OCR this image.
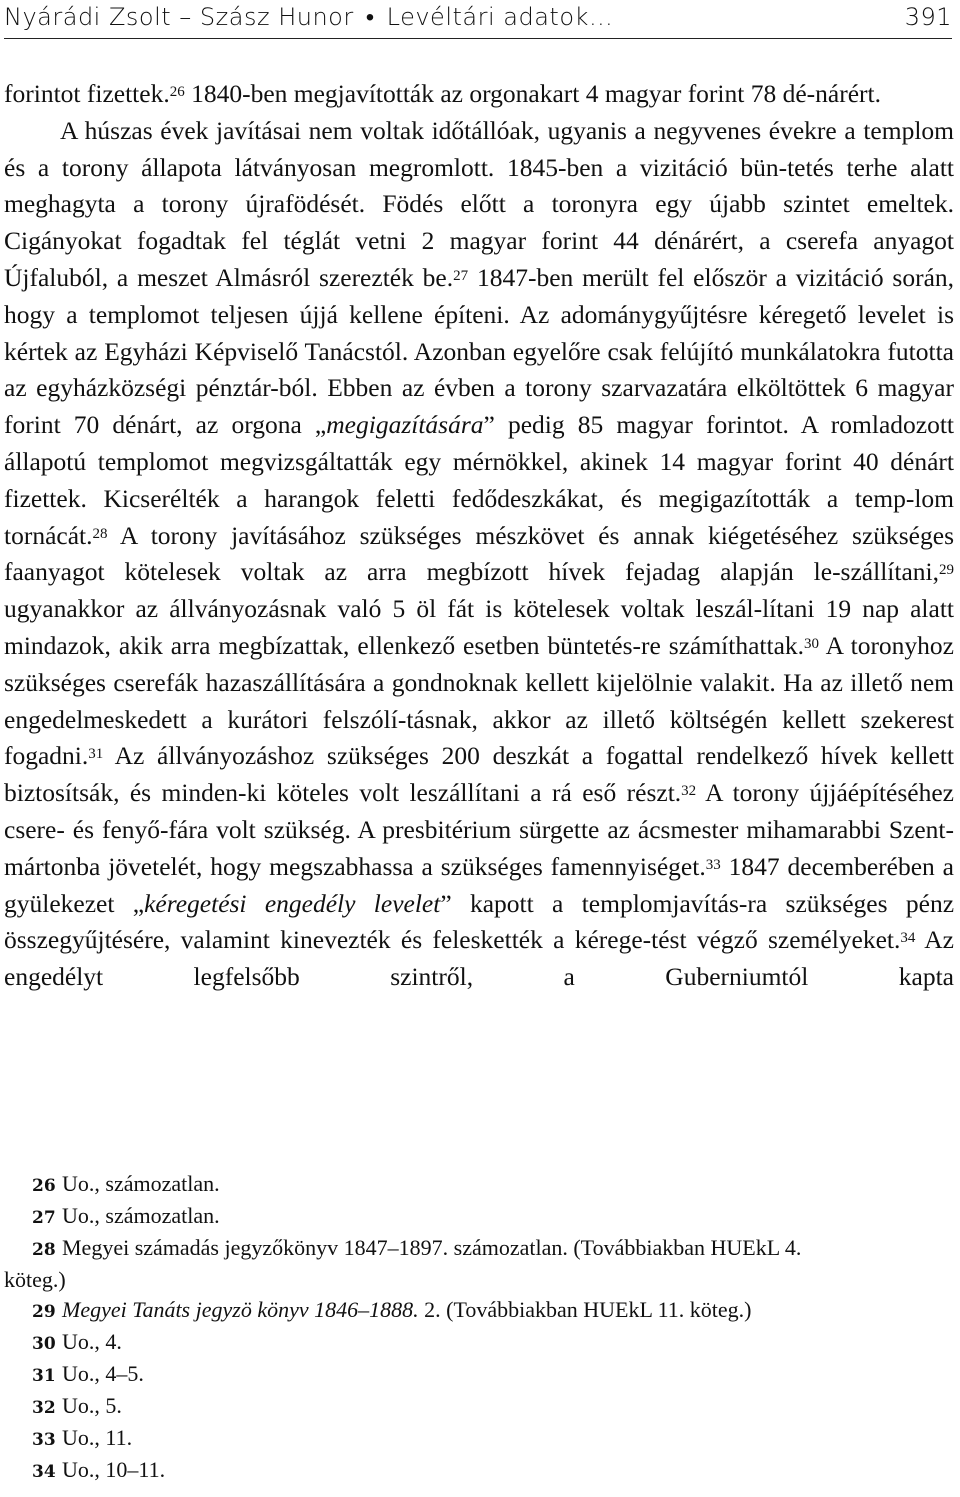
Nyárádi Zsolt – Szász Hunor • Levéltári adatok…	391

forintot fizettek.$^{26}$ 1840-ben megjavították az orgonakart 4 magyar forint 78 dé-nárért.

A húszas évek javításai nem voltak időtállóak, ugyanis a negyvenes évekre a templom és a torony állapota látványosan megromlott. 1845-ben a vizitáció bün-tetés terhe alatt meghagyta a torony újrafödését. Födés előtt a toronyra egy újabb szintet emeltek. Cigányokat fogadtak fel téglát vetni 2 magyar forint 44 dénárért, a cserefa anyagot Újfaluból, a meszet Almásról szerezték be.$^{27}$ 1847-ben merült fel először a vizitáció során, hogy a templomot teljesen újjá kellene építeni. Az adománygyűjtésre kéregető levelet is kértek az Egyházi Képviselő Tanácstól. Azonban egyelőre csak felújító munkálatokra futotta az egyházközségi pénztár-ból. Ebben az évben a torony szarvazatára elköltöttek 6 magyar forint 70 dénárt, az orgona „megigazítására” pedig 85 magyar forintot. A romladozott állapotú templomot megvizsgáltatták egy mérnökkel, akinek 14 magyar forint 40 dénárt fizettek. Kicserélték a harangok feletti fedődeszkákat, és megigazították a temp-lom tornácát.$^{28}$ A torony javításához szükséges mészkövet és annak kiégetéséhez szükséges faanyagot kötelesek voltak az arra megbízott hívek fejadag alapján le-szállítani,$^{29}$ ugyanakkor az állványozásnak való 5 öl fát is kötelesek voltak leszál-lítani 19 nap alatt mindazok, akik arra megbízattak, ellenkező esetben büntetés-re számíthattak.$^{30}$ A toronyhoz szükséges cserefák hazaszállítására a gondnoknak kellett kijelölnie valakit. Ha az illető nem engedelmeskedett a kurátori felszólí-tásnak, akkor az illető költségén kellett szekerest fogadni.$^{31}$ Az állványozáshoz szükséges 200 deszkát a fogattal rendelkező hívek kellett biztosítsák, és minden-ki köteles volt leszállítani a rá eső részt.$^{32}$ A torony újjáépítéséhez csere- és fenyő-fára volt szükség. A presbitérium sürgette az ácsmester mihamarabbi Szent-mártonba jövetelét, hogy megszabhassa a szükséges famennyiséget.$^{33}$ 1847 decemberében a gyülekezet „kéregetési engedély levelet” kapott a templomjavítás-ra szükséges pénz összegyűjtésére, valamint kinevezték és feleskették a kérege-tést végző személyeket.$^{34}$ Az engedélyt legfelsőbb szintről, a Guberniumtól kapta

26 Uo., számozatlan.
27 Uo., számozatlan.
28 Megyei számadás jegyzőkönyv 1847–1897. számozatlan. (Továbbiakban HUEkL 4.
köteg.)
29 Megyei Tanáts jegyzö könyv 1846–1888. 2. (Továbbiakban HUEkL 11. köteg.)
30 Uo., 4.
31 Uo., 4–5.
32 Uo., 5.
33 Uo., 11.
34 Uo., 10–11.
